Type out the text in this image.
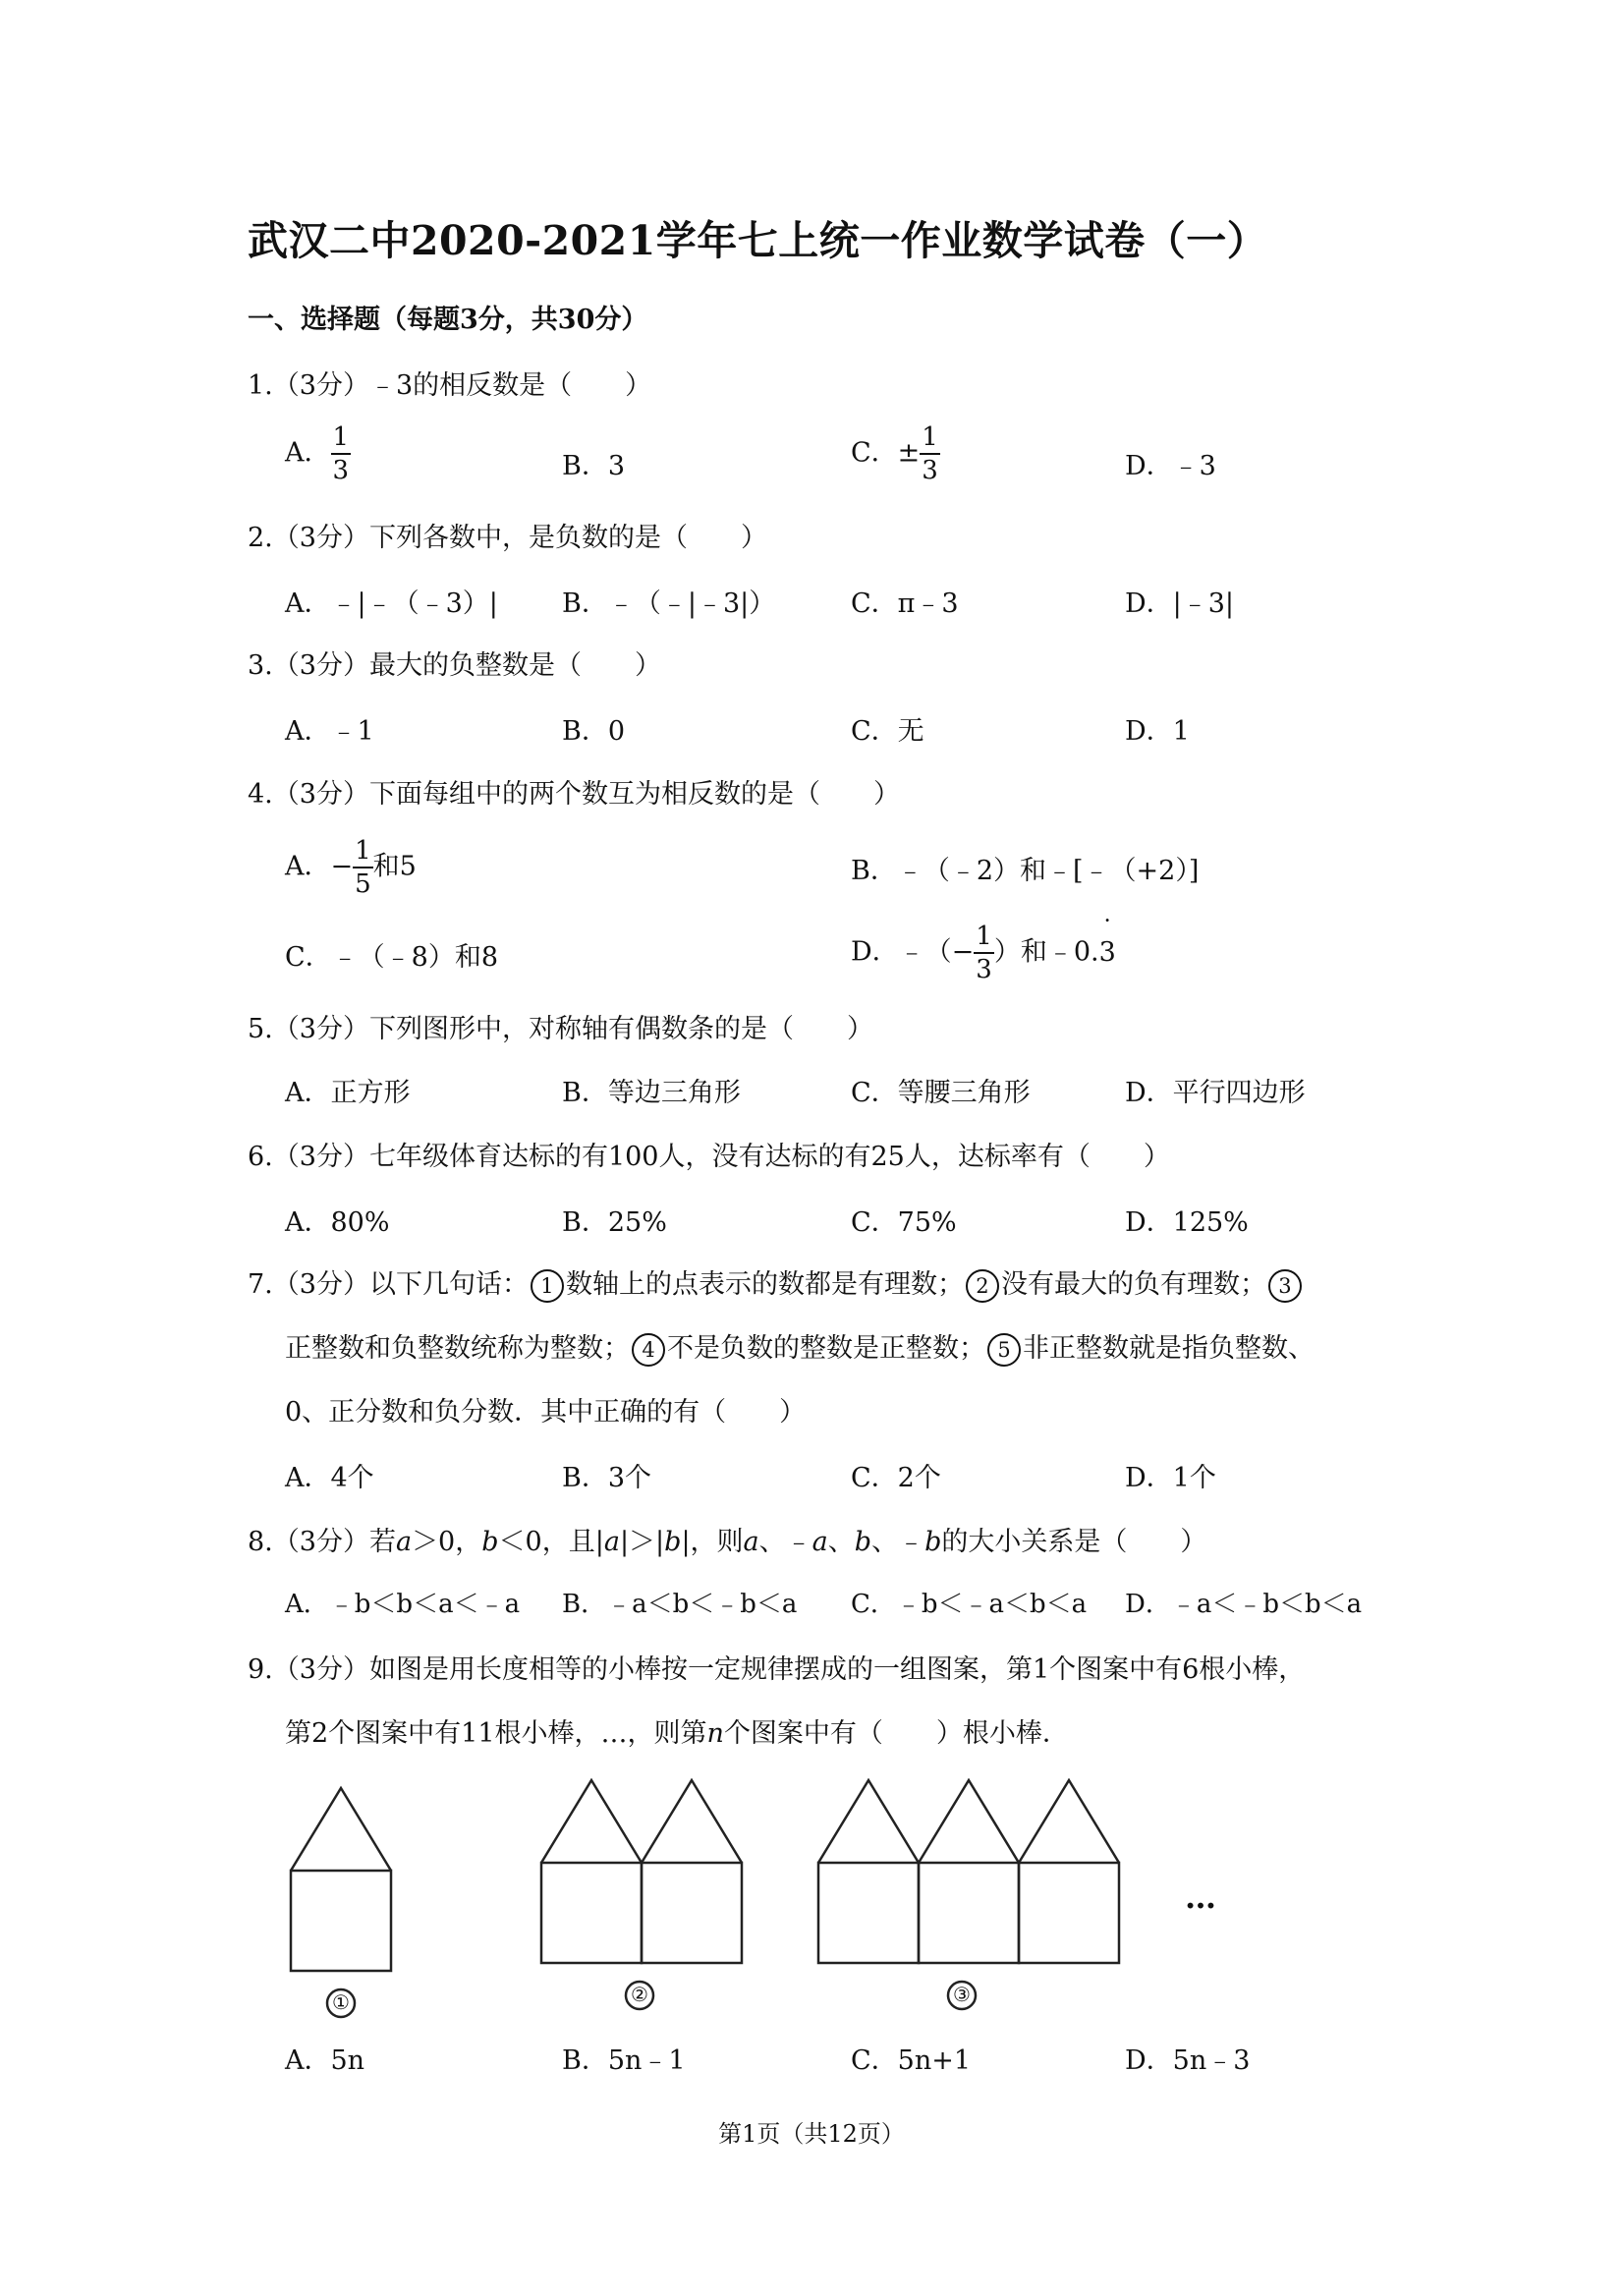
武汉二中2020-2021学年七上统一作业数学试卷（一）
一、选择题（每题3分，共30分）
1.（3分）﹣3的相反数是（　　）
A． $\frac{1}{3}$	B．3	C．± $\frac{1}{3}$	D．﹣3
2.（3分）下列各数中，是负数的是（　　）
A．﹣|﹣（﹣3）| B．﹣（﹣|﹣3|）	C．π﹣3	D．|﹣3|
3.（3分）最大的负整数是（　　）
A．﹣1	B．0	C．无	D．1
4.（3分）下面每组中的两个数互为相反数的是（　　）
A．− $\frac{1}{5}$ 和5	B．﹣（﹣2）和﹣[﹣（+2）]
C．﹣（﹣8）和8	D．﹣（− $\frac{1}{3}$ ）和﹣0.˙ 3
5.（3分）下列图形中，对称轴有偶数条的是（　　）
A．正方形	B．等边三角形	C．等腰三角形	D．平行四边形
6.（3分）七年级体育达标的有100人，没有达标的有25人，达标率有（　　）
A．80%	B．25%	C．75%	D．125%
7.（3分）以下几句话： 1 数轴上的点表示的数都是有理数； 2 没有最大的负有理数； 3
正整数和负整数统称为整数； 4 不是负数的整数是正整数； 5 非正整数就是指负整数、
0、正分数和负分数．其中正确的有（　　）
A．4个	B．3个	C．2个	D．1个
8.（3分）若a＞0，b＜0，且|a|＞|b|，则a、﹣a、b、﹣b的大小关系是（　　）
A．﹣b＜b＜a＜﹣a B．﹣a＜b＜﹣b＜a C．﹣b＜﹣a＜b＜a D．﹣a＜﹣b＜b＜a
9.（3分）如图是用长度相等的小棒按一定规律摆成的一组图案，第1个图案中有6根小棒，
第2个图案中有11根小棒，…，则第n个图案中有（　　）根小棒．
①	②	③
…
A．5n	B．5n﹣1	C．5n+1	D．5n﹣3
第1页（共12页）
